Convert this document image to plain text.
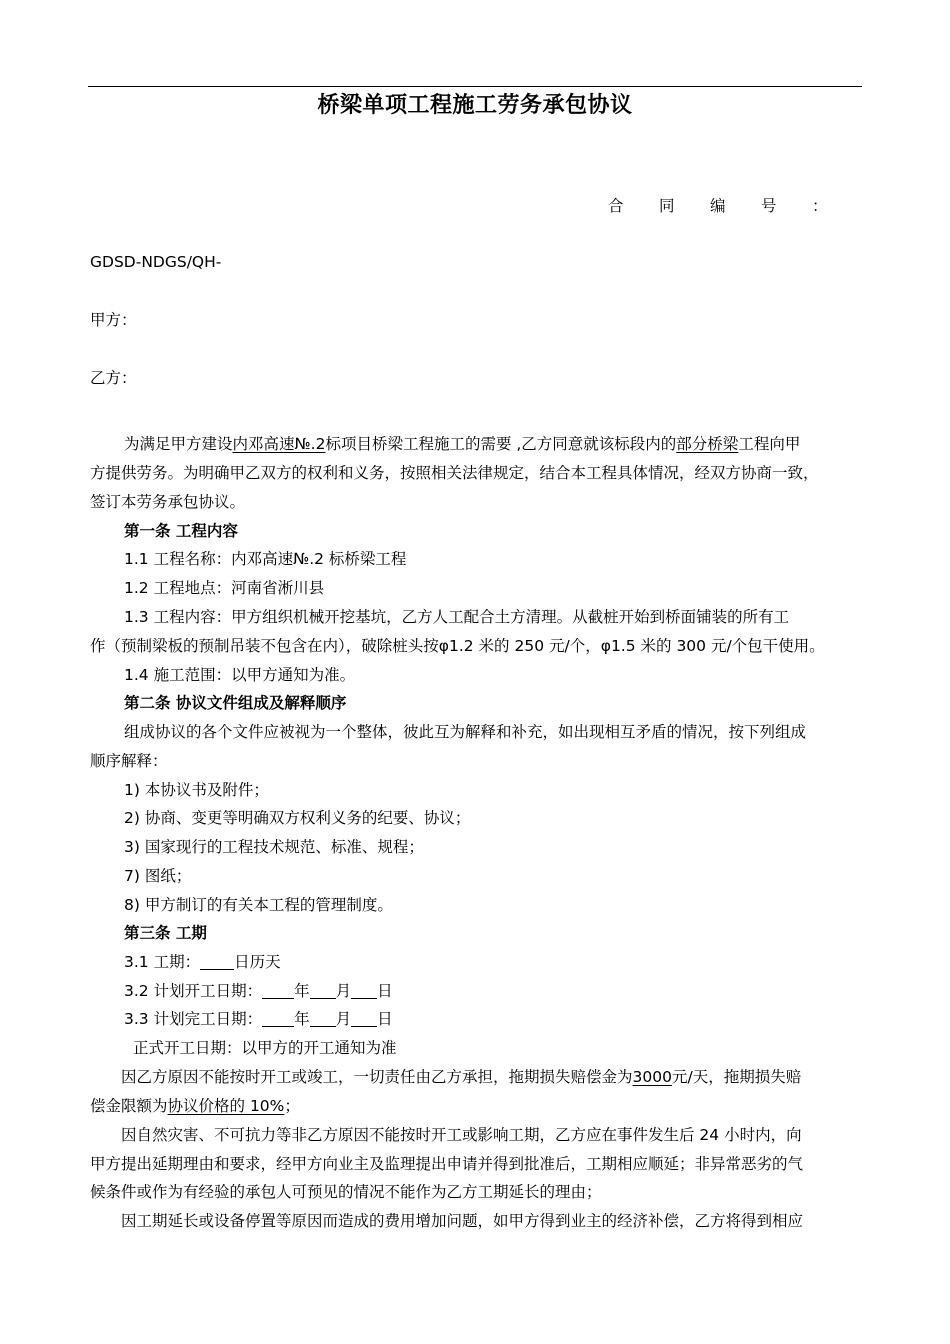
桥梁单项工程施工劳务承包协议
合 同 编 号 ：
GDSD-NDGS/QH-
甲方：
乙方：
为满足甲方建设内邓高速№.2标项目桥梁工程施工的需要 ,乙方同意就该标段内的部分桥梁工程向甲
方提供劳务。为明确甲乙双方的权利和义务，按照相关法律规定，结合本工程具体情况，经双方协商一致，
签订本劳务承包协议。
第一条 工程内容
1.1 工程名称：内邓高速№.2 标桥梁工程
1.2 工程地点：河南省淅川县
1.3 工程内容：甲方组织机械开挖基坑，乙方人工配合土方清理。从截桩开始到桥面铺装的所有工
作（预制梁板的预制吊装不包含在内），破除桩头按φ1.2 米的 250 元/个，φ1.5 米的 300 元/个包干使用。
1.4 施工范围：以甲方通知为准。
第二条 协议文件组成及解释顺序
组成协议的各个文件应被视为一个整体，彼此互为解释和补充，如出现相互矛盾的情况，按下列组成
顺序解释：
1) 本协议书及附件；
2) 协商、变更等明确双方权利义务的纪要、协议；
3) 国家现行的工程技术规范、标准、规程；
7) 图纸；
8) 甲方制订的有关本工程的管理制度。
第三条 工期
3.1 工期： 日历天
3.2 计划开工日期： 年 月 日
3.3 计划完工日期： 年 月 日
正式开工日期：以甲方的开工通知为准
因乙方原因不能按时开工或竣工，一切责任由乙方承担，拖期损失赔偿金为3000元/天，拖期损失赔
偿金限额为协议价格的 10%；
因自然灾害、不可抗力等非乙方原因不能按时开工或影响工期，乙方应在事件发生后 24 小时内，向
甲方提出延期理由和要求，经甲方向业主及监理提出申请并得到批准后，工期相应顺延；非异常恶劣的气
候条件或作为有经验的承包人可预见的情况不能作为乙方工期延长的理由；
因工期延长或设备停置等原因而造成的费用增加问题，如甲方得到业主的经济补偿，乙方将得到相应
